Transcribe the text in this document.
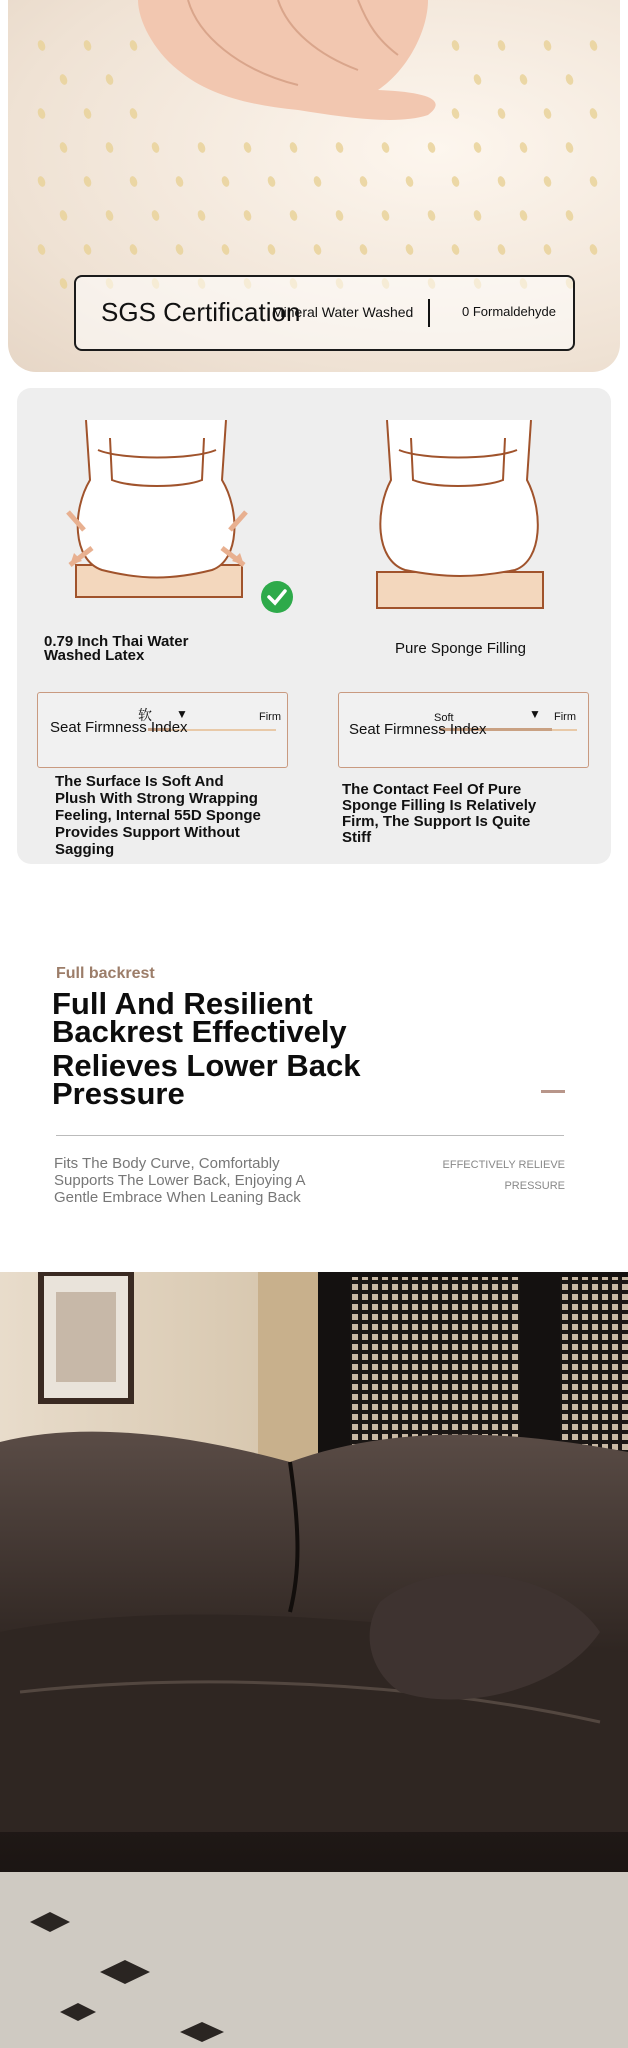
SGS Certification
Mineral Water Washed	0 Formaldehyde
0.79 Inch Thai Water
Washed Latex	Pure Sponge Filling
软 ▼	Firm
Seat Firmness Index
Soft	▼ Firm
Seat Firmness Index
The Surface Is Soft And
Plush With Strong Wrapping
Feeling, Internal 55D Sponge
Provides Support Without
Sagging
The Contact Feel Of Pure
Sponge Filling Is Relatively
Firm, The Support Is Quite
Stiff
Full backrest
Full And Resilient
Backrest Effectively
Relieves Lower Back
Pressure
Fits The Body Curve, Comfortably
Supports The Lower Back, Enjoying A
Gentle Embrace When Leaning Back
EFFECTIVELY RELIEVE
PRESSURE
